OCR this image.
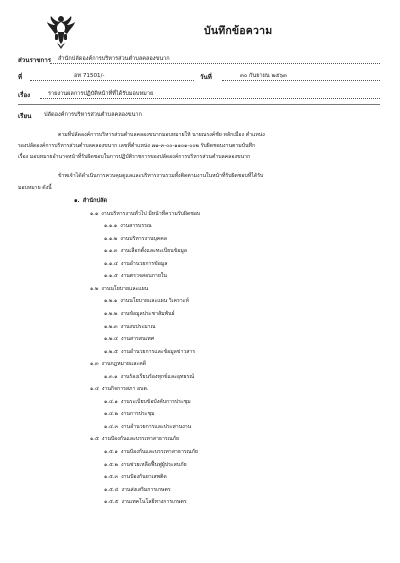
บันทึกข้อความ
ส่วนราชการ สำนักปลัดองค์การบริหารส่วนตำบลคลองขนาก
ที่	อท 71501/-	วันที่	๓๐ กันยายน ๒๕๖๓
เรื่อง	รายงานผลการปฏิบัติหน้าที่ที่ได้รับมอบหมาย
เรียน ปลัดองค์การบริหารส่วนตำบลคลองขนาก
ตามที่ปลัดองค์การบริหารส่วนตำบลคลองขนากมอบหมายให้ นายณรงค์ชัย หลักเมือง ตำแหน่ง
รองปลัดองค์การบริหารส่วนตำบลคลองขนาก เลขที่ตำแหน่ง ๗๑-๓-๐๐-๑๑๐๑-๐๐๒ รับผิดชอบงานตามบันทึก
เรื่อง มอบหมายอำนาจหน้าที่รับผิดชอบในการปฏิบัติราชการของปลัดองค์การบริหารส่วนตำบลคลองขนาก
ข้าพเจ้าได้ดำเนินการควบคุมดูแลและบริหารงานรวมทั้งติดตามงานในหน้าที่รับผิดชอบที่ได้รับ
มอบหมาย ดังนี้
๑. สำนักปลัด
๑.๑ งานบริหารงานทั่วไป มีหน้าที่ความรับผิดชอบ
๑.๑.๑ งานสารบรรณ
๑.๑.๒ งานบริหารงานบุคคล
๑.๑.๓ งานเลือกตั้งและทะเบียนข้อมูล
๑.๑.๔ งานอำนวยการข้อมูล
๑.๑.๕ งานตรวจสอบภายใน
๑.๒ งานนโยบายและแผน
๑.๒.๑ งานนโยบายและแผน วิเคราะห์
๑.๒.๒ งานข้อมูลประชาสัมพันธ์
๑.๒.๓ งานงบประมาณ
๑.๒.๔ งานสารสนเทศ
๑.๒.๕ งานอำนวยการและข้อมูลข่าวสาร
๑.๓ งานกฎหมายและคดี
๑.๓.๑ งานร้องเรียนร้องทุกข์และอุทธรณ์
๑.๔ งานกิจการสภา อบต.
๑.๔.๑ งานระเบียบข้อบังคับการประชุม
๑.๔.๒ งานการประชุม
๑.๔.๓ งานอำนวยการและประสานงาน
๑.๕ งานป้องกันและบรรเทาสาธารณภัย
๑.๕.๑ งานป้องกันและบรรเทาสาธารณภัย
๑.๕.๒ งานช่วยเหลือฟื้นฟูผู้ประสบภัย
๑.๕.๓ งานป้องกันยาเสพติด
๑.๕.๔ งานส่งเสริมการเกษตร
๑.๕.๕ งานเทคโนโลยีทางการเกษตร
